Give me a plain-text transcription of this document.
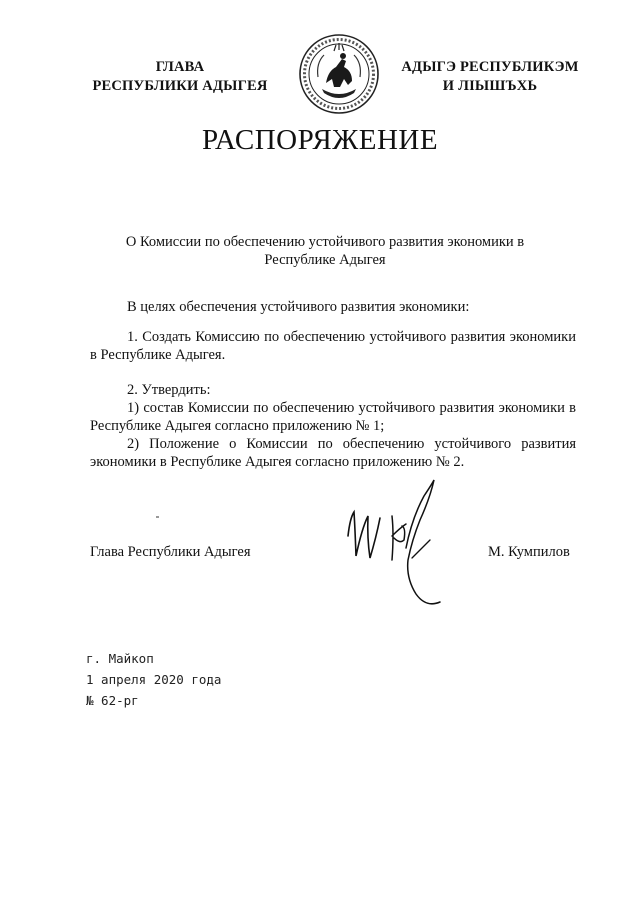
ГЛАВА
РЕСПУБЛИКИ АДЫГЕЯ
АДЫГЭ РЕСПУБЛИКЭМ
И ЛІЫШЪХЬ
РАСПОРЯЖЕНИЕ
О Комиссии по обеспечению устойчивого развития экономики в Республике Адыгея

В целях обеспечения устойчивого развития экономики:

1. Создать Комиссию по обеспечению устойчивого развития экономики в Республике Адыгея.

2. Утвердить:

1) состав Комиссии по обеспечению устойчивого развития экономики в Республике Адыгея согласно приложению № 1;

2) Положение о Комиссии по обеспечению устойчивого развития экономики в Республике Адыгея согласно приложению № 2.

Глава Республики Адыгея	М. Кумпилов
г. Майкоп
1 апреля 2020 года
№ 62-рг
